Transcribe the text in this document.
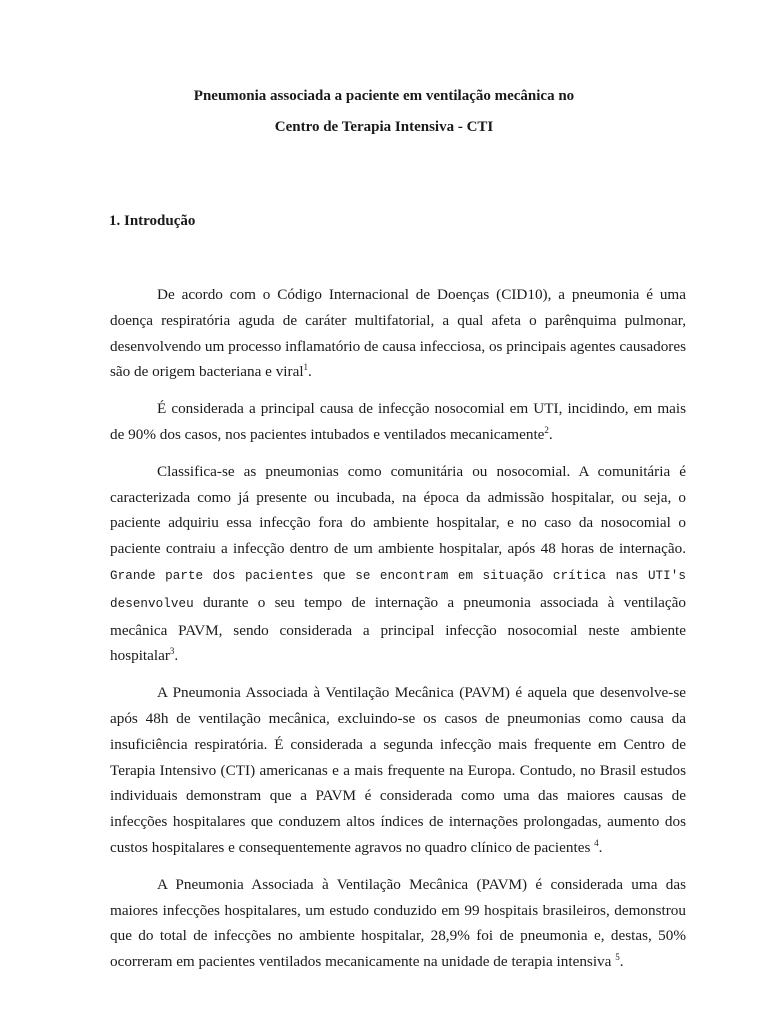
Pneumonia associada a paciente em ventilação mecânica no
Centro de Terapia Intensiva - CTI
1. Introdução

De acordo com o Código Internacional de Doenças (CID10), a pneumonia é uma doença respiratória aguda de caráter multifatorial, a qual afeta o parênquima pulmonar, desenvolvendo um processo inflamatório de causa infecciosa, os principais agentes causadores são de origem bacteriana e viral$^1$.

É considerada a principal causa de infecção nosocomial em UTI, incidindo, em mais de 90% dos casos, nos pacientes intubados e ventilados mecanicamente$^2$.

Classifica-se as pneumonias como comunitária ou nosocomial. A comunitária é caracterizada como já presente ou incubada, na época da admissão hospitalar, ou seja, o paciente adquiriu essa infecção fora do ambiente hospitalar, e no caso da nosocomial o paciente contraiu a infecção dentro de um ambiente hospitalar, após 48 horas de internação. Grande parte dos pacientes que se encontram em situação crítica nas UTI's desenvolveu durante o seu tempo de internação a pneumonia associada à ventilação mecânica PAVM, sendo considerada a principal infecção nosocomial neste ambiente hospitalar$^3$.

A Pneumonia Associada à Ventilação Mecânica (PAVM) é aquela que desenvolve-se após 48h de ventilação mecânica, excluindo-se os casos de pneumonias como causa da insuficiência respiratória. É considerada a segunda infecção mais frequente em Centro de Terapia Intensivo (CTI) americanas e a mais frequente na Europa. Contudo, no Brasil estudos individuais demonstram que a PAVM é considerada como uma das maiores causas de infecções hospitalares que conduzem altos índices de internações prolongadas, aumento dos custos hospitalares e consequentemente agravos no quadro clínico de pacientes $^4$.

A Pneumonia Associada à Ventilação Mecânica (PAVM) é considerada uma das maiores infecções hospitalares, um estudo conduzido em 99 hospitais brasileiros, demonstrou que do total de infecções no ambiente hospitalar, 28,9% foi de pneumonia e, destas, 50% ocorreram em pacientes ventilados mecanicamente na unidade de terapia intensiva $^5$.
